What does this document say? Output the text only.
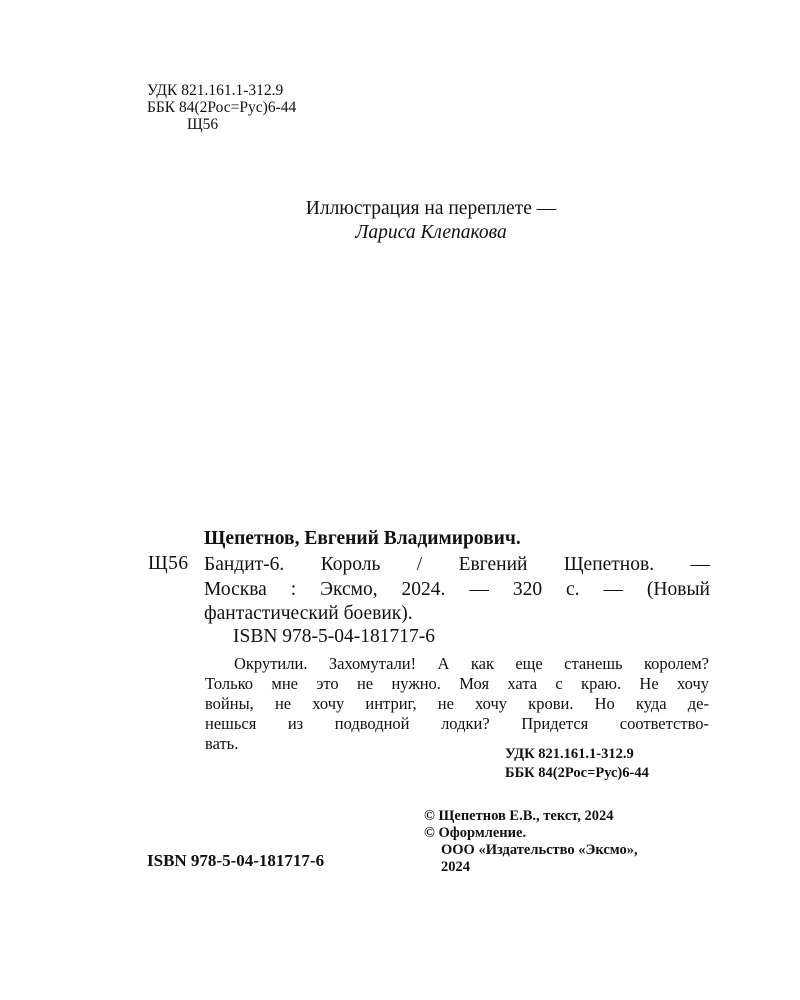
УДК 821.161.1-312.9
ББК 84(2Рос=Рус)6-44
Щ56
Иллюстрация на переплете —
Лариса Клепакова
Щепетнов, Евгений Владимирович.
Щ56 Бандит-6. Король / Евгений Щепетнов. —
Москва : Эксмо, 2024. — 320 с. — (Новый
фантастический боевик).
ISBN 978-5-04-181717-6
Окрутили. Захомутали! А как еще станешь королем?
Только мне это не нужно. Моя хата с краю. Не хочу
войны, не хочу интриг, не хочу крови. Но куда де-
нешься из подводной лодки? Придется соответство-
вать.
УДК 821.161.1-312.9
ББК 84(2Рос=Рус)6-44
© Щепетнов Е.В., текст, 2024
© Оформление.
ООО «Издательство «Эксмо»,
2024
ISBN 978-5-04-181717-6
